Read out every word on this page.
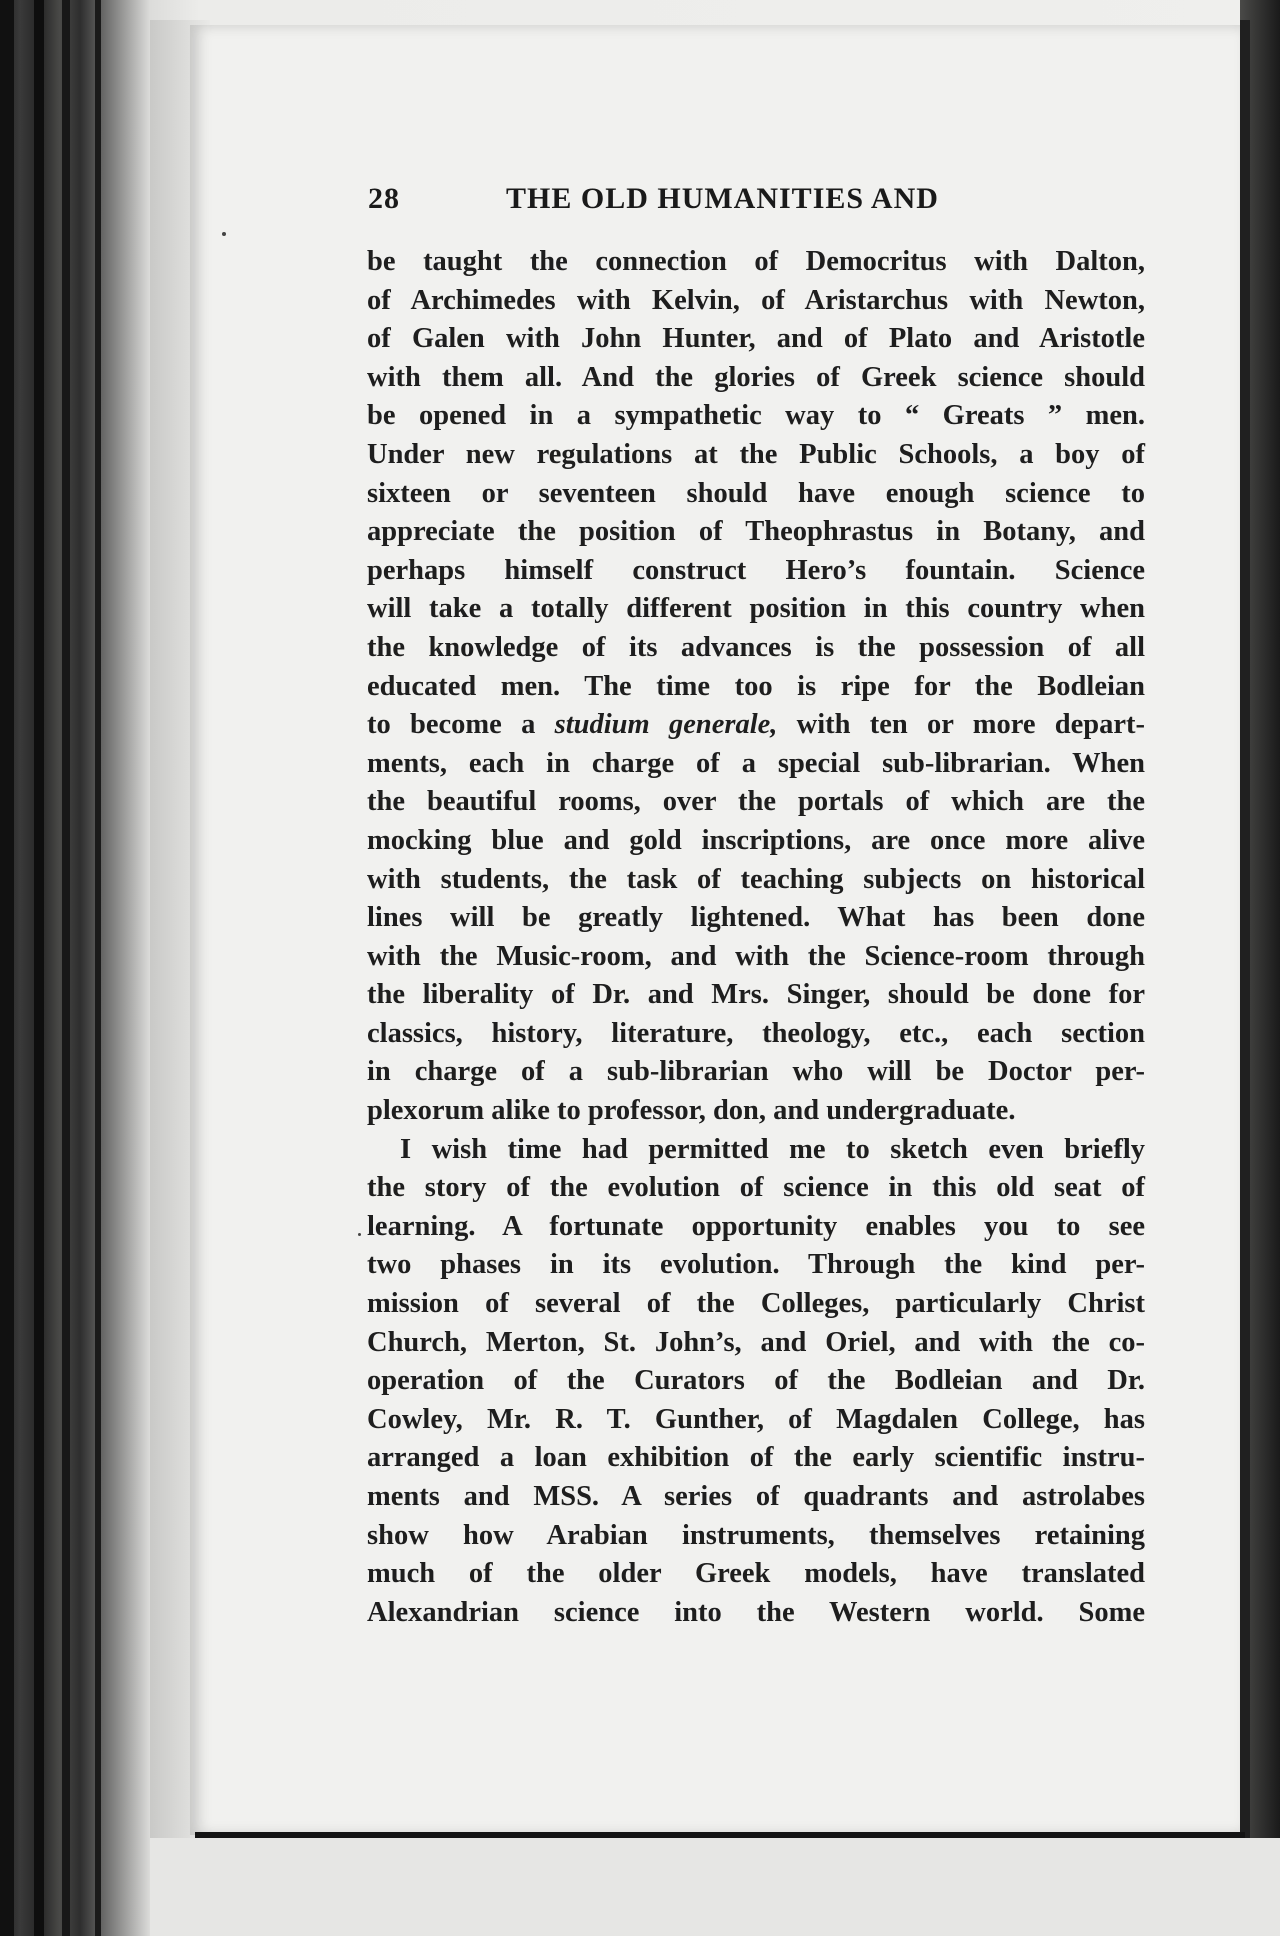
28	THE OLD HUMANITIES AND
be taught the connection of Democritus with Dalton,
of Archimedes with Kelvin, of Aristarchus with Newton,
of Galen with John Hunter, and of Plato and Aristotle
with them all. And the glories of Greek science should
be opened in a sympathetic way to “ Greats ” men.
Under new regulations at the Public Schools, a boy of
sixteen or seventeen should have enough science to
appreciate the position of Theophrastus in Botany, and
perhaps himself construct Hero’s fountain. Science
will take a totally different position in this country when
the knowledge of its advances is the possession of all
educated men. The time too is ripe for the Bodleian
to become a studium generale, with ten or more depart-
ments, each in charge of a special sub-librarian. When
the beautiful rooms, over the portals of which are the
mocking blue and gold inscriptions, are once more alive
with students, the task of teaching subjects on historical
lines will be greatly lightened. What has been done
with the Music-room, and with the Science-room through
the liberality of Dr. and Mrs. Singer, should be done for
classics, history, literature, theology, etc., each section
in charge of a sub-librarian who will be Doctor per-
plexorum alike to professor, don, and undergraduate.
I wish time had permitted me to sketch even briefly
the story of the evolution of science in this old seat of
learning. A fortunate opportunity enables you to see
two phases in its evolution. Through the kind per-
mission of several of the Colleges, particularly Christ
Church, Merton, St. John’s, and Oriel, and with the co-
operation of the Curators of the Bodleian and Dr.
Cowley, Mr. R. T. Gunther, of Magdalen College, has
arranged a loan exhibition of the early scientific instru-
ments and MSS. A series of quadrants and astrolabes
show how Arabian instruments, themselves retaining
much of the older Greek models, have translated
Alexandrian science into the Western world. Some
